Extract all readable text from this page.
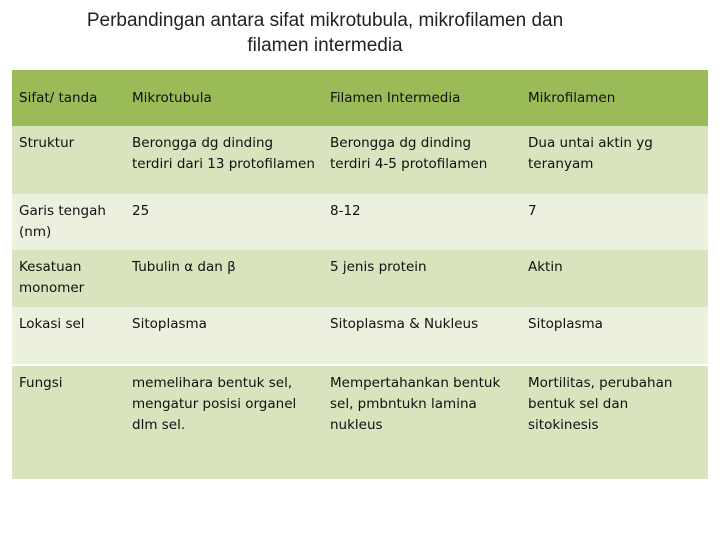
Perbandingan antara sifat mikrotubula, mikrofilamen dan
filamen intermedia
Sifat/ tanda	Mikrotubula	Filamen Intermedia	Mikrofilamen
Struktur	Berongga dg dinding terdiri dari 13 protofilamen	Berongga dg dinding terdiri 4-5 protofilamen	Dua untai aktin yg teranyam
Garis tengah (nm)	25	8-12	7
Kesatuan monomer	Tubulin α dan β	5 jenis protein	Aktin
Lokasi sel	Sitoplasma	Sitoplasma & Nukleus	Sitoplasma
Fungsi	memelihara bentuk sel, mengatur posisi organel dlm sel.	Mempertahankan bentuk sel, pmbntukn lamina nukleus	Mortilitas, perubahan bentuk sel dan sitokinesis
